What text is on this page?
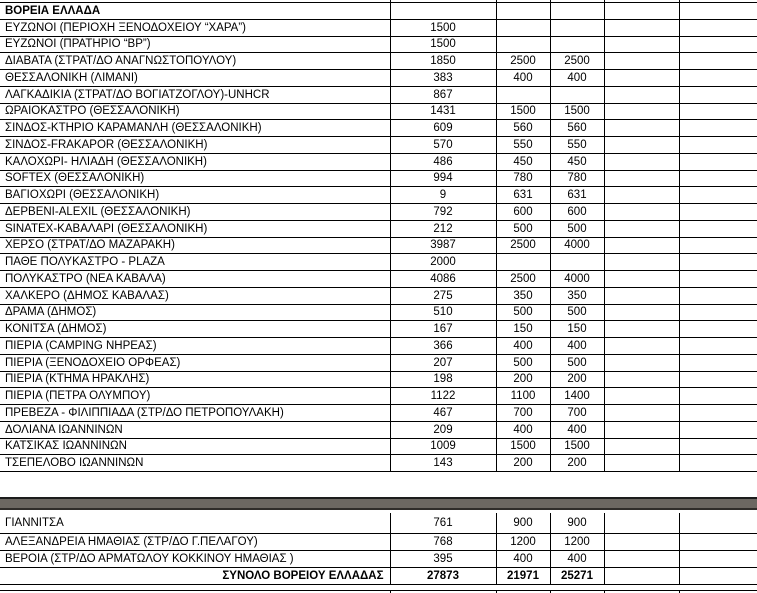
ΒΟΡΕΙΑ ΕΛΛΑΔΑ					
ΕΥΖΩΝΟΙ (ΠΕΡΙΟΧΗ ΞΕΝΟΔΟΧΕΙΟΥ “ΧΑΡΑ”)	1500				
ΕΥΖΩΝΟΙ (ΠΡΑΤΗΡΙΟ “BP”)	1500				
ΔΙΑΒΑΤΑ (ΣΤΡΑΤ/ΔΟ ΑΝΑΓΝΩΣΤΟΠΟΥΛΟΥ)	1850	2500	2500		
ΘΕΣΣΑΛΟΝΙΚΗ (ΛΙΜΑΝΙ)	383	400	400		
ΛΑΓΚΑΔΙΚΙΑ (ΣΤΡΑΤ/ΔΟ ΒΟΓΙΑΤΖΟΓΛΟΥ)-UNHCR	867				
ΩΡΑΙΟΚΑΣΤΡΟ (ΘΕΣΣΑΛΟΝΙΚΗ)	1431	1500	1500		
ΣΙΝΔΟΣ-ΚΤΗΡΙΟ ΚΑΡΑΜΑΝΛΗ (ΘΕΣΣΑΛΟΝΙΚΗ)	609	560	560		
ΣΙΝΔΟΣ-FRAKAPOR (ΘΕΣΣΑΛΟΝΙΚΗ)	570	550	550		
ΚΑΛΟΧΩΡΙ- ΗΛΙΑΔΗ (ΘΕΣΣΑΛΟΝΙΚΗ)	486	450	450		
SOFTEX (ΘΕΣΣΑΛΟΝΙΚΗ)	994	780	780		
ΒΑΓΙΟΧΩΡΙ (ΘΕΣΣΑΛΟΝΙΚΗ)	9	631	631		
ΔΕΡΒΕΝΙ-ALEXIL (ΘΕΣΣΑΛΟΝΙΚΗ)	792	600	600		
SINATEX-ΚΑΒΑΛΑΡΙ (ΘΕΣΣΑΛΟΝΙΚΗ)	212	500	500		
ΧΕΡΣΟ (ΣΤΡΑΤ/ΔΟ ΜΑΖΑΡΑΚΗ)	3987	2500	4000		
ΠΑΘΕ ΠΟΛΥΚΑΣΤΡΟ - PLAZA	2000				
ΠΟΛΥΚΑΣΤΡΟ (ΝΕΑ ΚΑΒΑΛΑ)	4086	2500	4000		
ΧΑΛΚΕΡΟ (ΔΗΜΟΣ ΚΑΒΑΛΑΣ)	275	350	350		
ΔΡΑΜΑ (ΔΗΜΟΣ)	510	500	500		
ΚΟΝΙΤΣΑ (ΔΗΜΟΣ)	167	150	150		
ΠΙΕΡΙΑ (CAMPING ΝΗΡΕΑΣ)	366	400	400		
ΠΙΕΡΙΑ (ΞΕΝΟΔΟΧΕΙΟ ΟΡΦΕΑΣ)	207	500	500		
ΠΙΕΡΙΑ (ΚΤΗΜΑ ΗΡΑΚΛΗΣ)	198	200	200		
ΠΙΕΡΙΑ (ΠΕΤΡΑ ΟΛΥΜΠΟΥ)	1122	1100	1400		
ΠΡΕΒΕΖΑ - ΦΙΛΙΠΠΙΑΔΑ (ΣΤΡ/ΔΟ ΠΕΤΡΟΠΟΥΛΑΚΗ)	467	700	700		
ΔΟΛΙΑΝΑ ΙΩΑΝΝΙΝΩΝ	209	400	400		
ΚΑΤΣΙΚΑΣ ΙΩΑΝΝΙΝΩΝ	1009	1500	1500		
ΤΣΕΠΕΛΟΒΟ ΙΩΑΝΝΙΝΩΝ	143	200	200		
ΓΙΑΝΝΙΤΣΑ	761	900	900		
ΑΛΕΞΑΝΔΡΕΙΑ ΗΜΑΘΙΑΣ (ΣΤΡ/ΔΟ Γ.ΠΕΛΑΓΟΥ)	768	1200	1200		
ΒΕΡΟΙΑ (ΣΤΡ/ΔΟ ΑΡΜΑΤΩΛΟΥ ΚΟΚΚΙΝΟΥ ΗΜΑΘΙΑΣ )	395	400	400		
ΣΥΝΟΛΟ ΒΟΡΕΙΟΥ ΕΛΛΑΔΑΣ	27873	21971	25271		
